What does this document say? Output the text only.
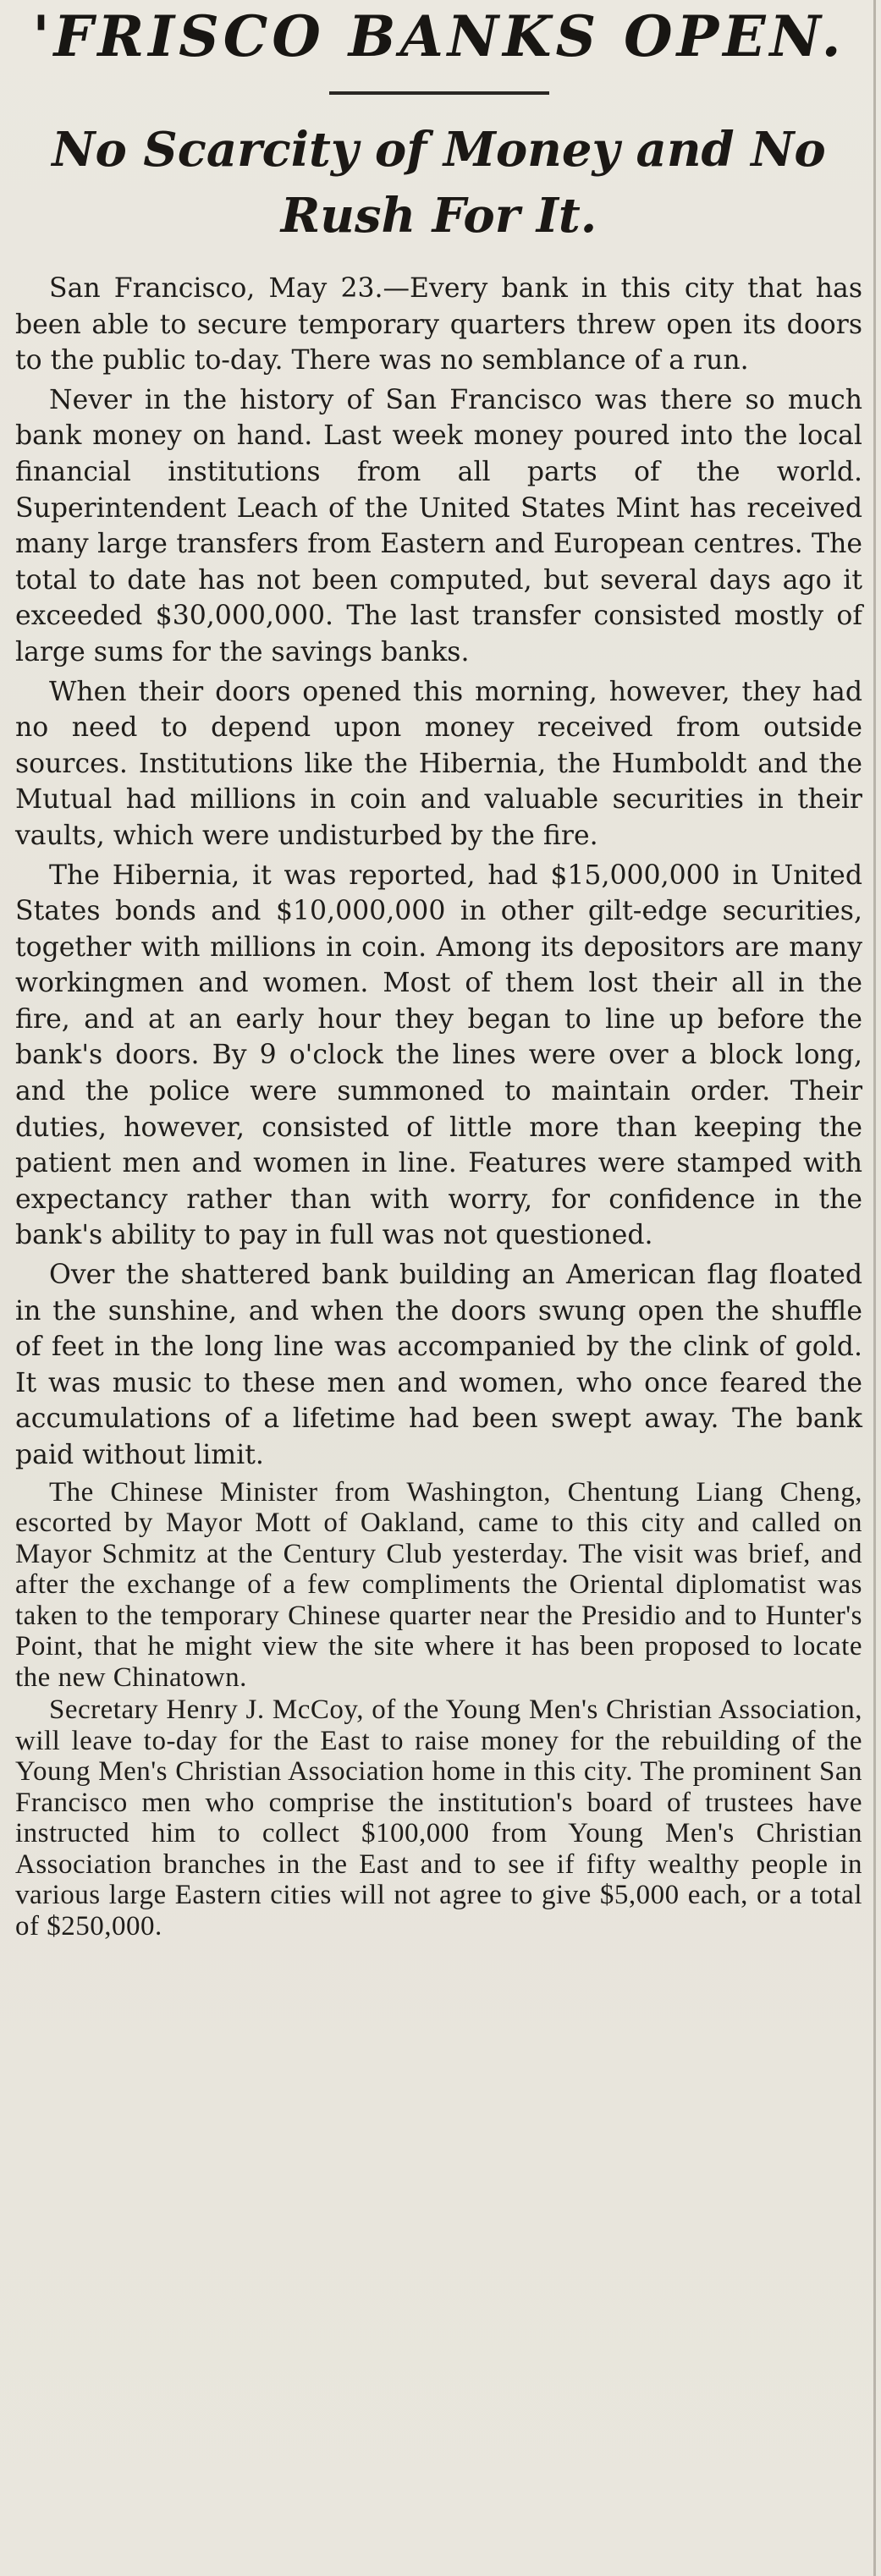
'FRISCO BANKS OPEN.
No Scarcity of Money and No Rush For It.

San Francisco, May 23.—Every bank in this city that has been able to secure temporary quarters threw open its doors to the public to-day. There was no semblance of a run.

Never in the history of San Francisco was there so much bank money on hand. Last week money poured into the local financial institutions from all parts of the world. Superintendent Leach of the United States Mint has received many large transfers from Eastern and European centres. The total to date has not been computed, but several days ago it exceeded $30,000,000. The last transfer consisted mostly of large sums for the savings banks.

When their doors opened this morning, however, they had no need to depend upon money received from outside sources. Institutions like the Hibernia, the Humboldt and the Mutual had millions in coin and valuable securities in their vaults, which were undisturbed by the fire.

The Hibernia, it was reported, had $15,000,000 in United States bonds and $10,000,000 in other gilt-edge securities, together with millions in coin. Among its depositors are many workingmen and women. Most of them lost their all in the fire, and at an early hour they began to line up before the bank's doors. By 9 o'clock the lines were over a block long, and the police were summoned to maintain order. Their duties, however, consisted of little more than keeping the patient men and women in line. Features were stamped with expectancy rather than with worry, for confidence in the bank's ability to pay in full was not questioned.

Over the shattered bank building an American flag floated in the sunshine, and when the doors swung open the shuffle of feet in the long line was accompanied by the clink of gold. It was music to these men and women, who once feared the accumulations of a lifetime had been swept away. The bank paid without limit.

The Chinese Minister from Washington, Chentung Liang Cheng, escorted by Mayor Mott of Oakland, came to this city and called on Mayor Schmitz at the Century Club yesterday. The visit was brief, and after the exchange of a few compliments the Oriental diplomatist was taken to the temporary Chinese quarter near the Presidio and to Hunter's Point, that he might view the site where it has been proposed to locate the new Chinatown.

Secretary Henry J. McCoy, of the Young Men's Christian Association, will leave to-day for the East to raise money for the rebuilding of the Young Men's Christian Association home in this city. The prominent San Francisco men who comprise the institution's board of trustees have instructed him to collect $100,000 from Young Men's Christian Association branches in the East and to see if fifty wealthy people in various large Eastern cities will not agree to give $5,000 each, or a total of $250,000.
